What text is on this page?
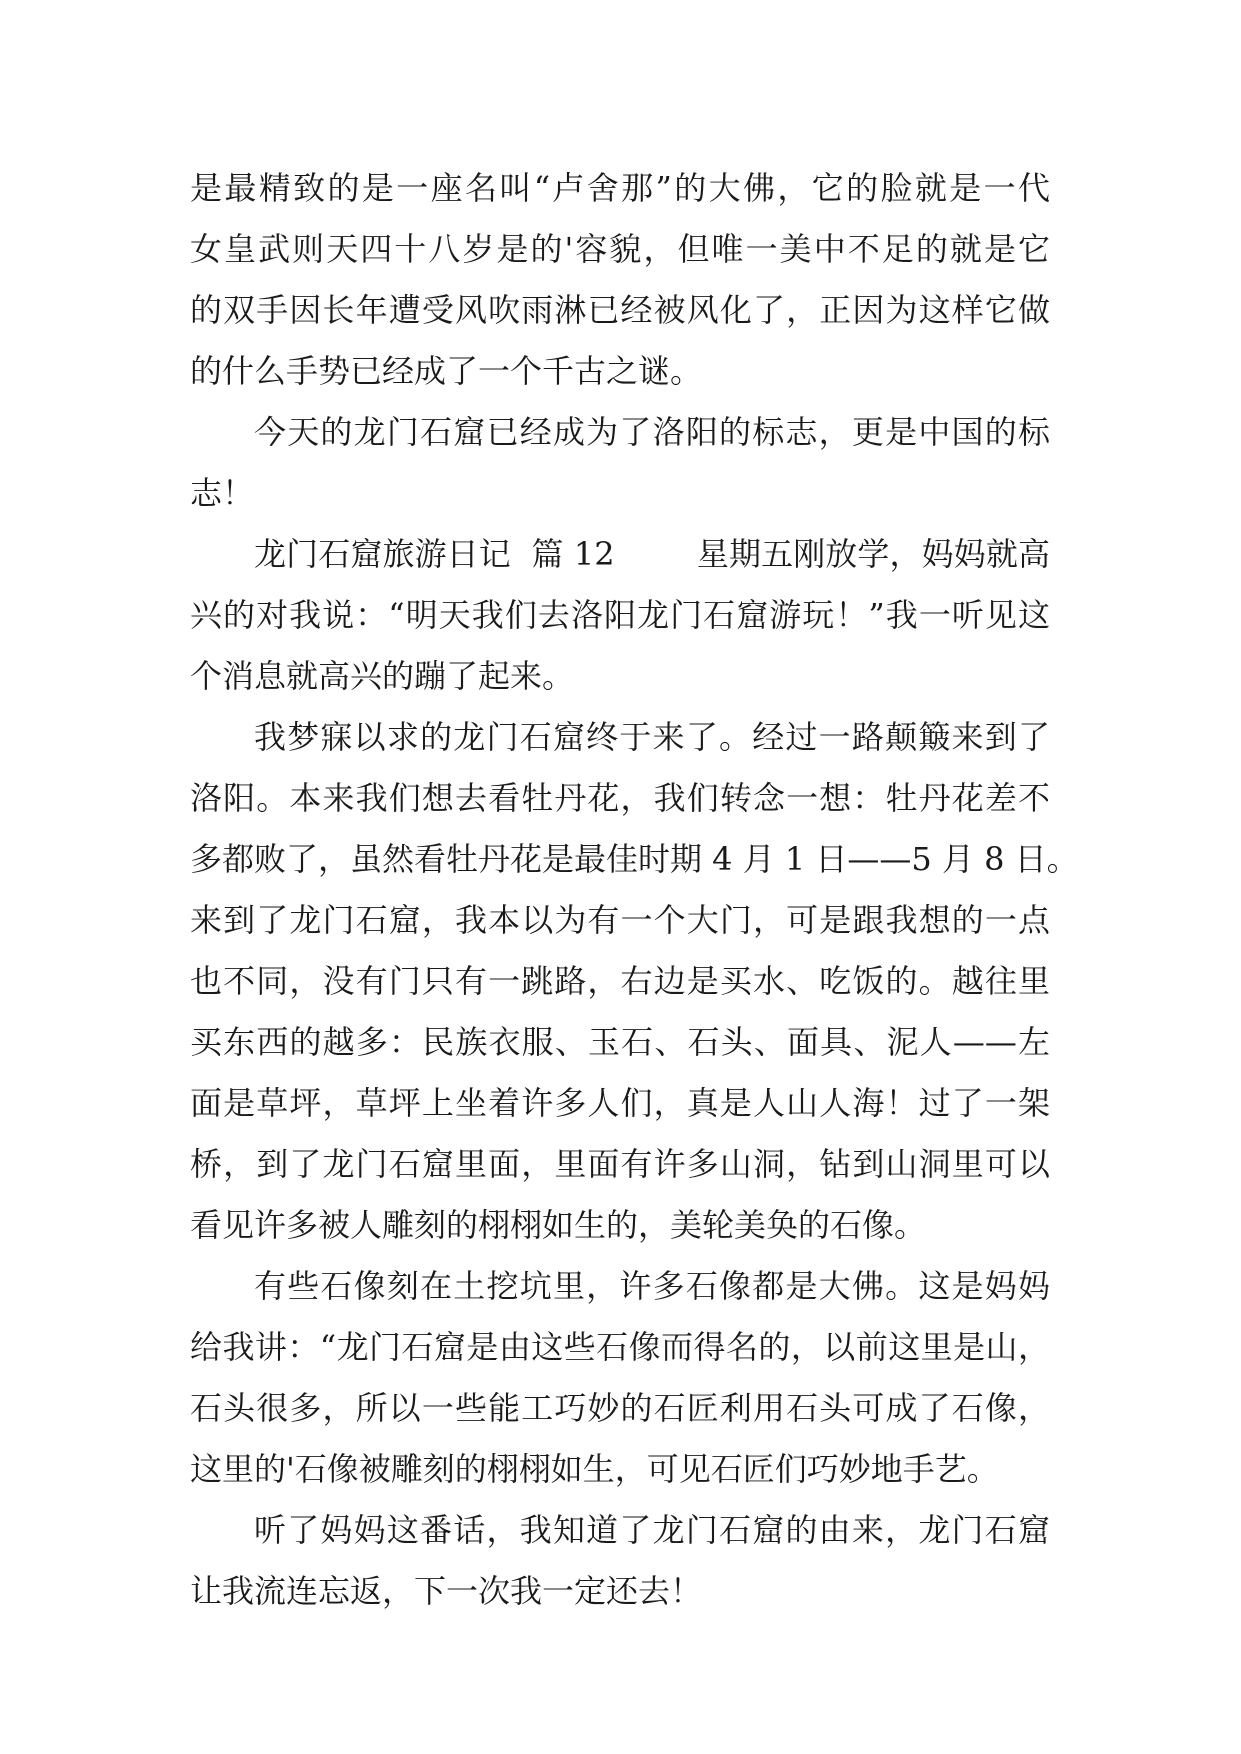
是最精致的是一座名叫“卢舍那”的大佛，它的脸就是一代
女皇武则天四十八岁是的'容貌，但唯一美中不足的就是它
的双手因长年遭受风吹雨淋已经被风化了，正因为这样它做
的什么手势已经成了一个千古之谜。
今天的龙门石窟已经成为了洛阳的标志，更是中国的标
志！
龙门石窟旅游日记  篇 12        星期五刚放学，妈妈就高
兴的对我说：“明天我们去洛阳龙门石窟游玩！”我一听见这
个消息就高兴的蹦了起来。
我梦寐以求的龙门石窟终于来了。经过一路颠簸来到了
洛阳。本来我们想去看牡丹花，我们转念一想：牡丹花差不
多都败了，虽然看牡丹花是最佳时期 4 月 1 日——5 月 8 日。
来到了龙门石窟，我本以为有一个大门，可是跟我想的一点
也不同，没有门只有一跳路，右边是买水、吃饭的。越往里
买东西的越多：民族衣服、玉石、石头、面具、泥人——左
面是草坪，草坪上坐着许多人们，真是人山人海！过了一架
桥，到了龙门石窟里面，里面有许多山洞，钻到山洞里可以
看见许多被人雕刻的栩栩如生的，美轮美奂的石像。
有些石像刻在土挖坑里，许多石像都是大佛。这是妈妈
给我讲：“龙门石窟是由这些石像而得名的，以前这里是山，
石头很多，所以一些能工巧妙的石匠利用石头可成了石像，
这里的'石像被雕刻的栩栩如生，可见石匠们巧妙地手艺。
听了妈妈这番话，我知道了龙门石窟的由来，龙门石窟
让我流连忘返，下一次我一定还去！
